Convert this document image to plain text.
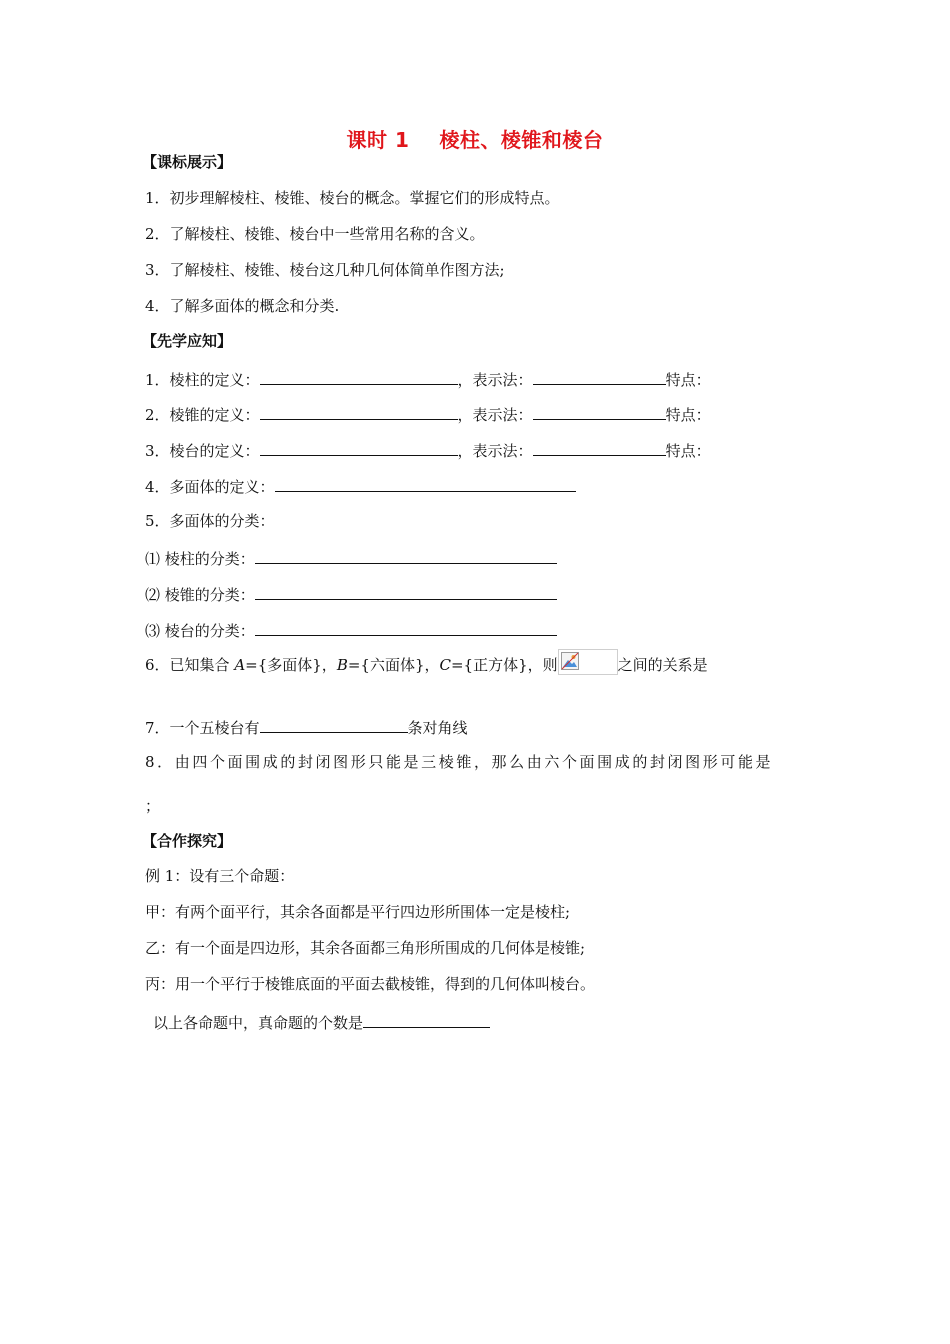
课时 1 棱柱、棱锥和棱台
【课标展示】
1．初步理解棱柱、棱锥、棱台的概念。掌握它们的形成特点。
2．了解棱柱、棱锥、棱台中一些常用名称的含义。
3．了解棱柱、棱锥、棱台这几种几何体简单作图方法;
4．了解多面体的概念和分类.
【先学应知】
1．棱柱的定义：	，表示法：	特点：
2．棱锥的定义：	，表示法：	特点：
3．棱台的定义：	，表示法：	特点：
4．多面体的定义：
5．多面体的分类：
⑴ 棱柱的分类：
⑵ 棱锥的分类：
⑶ 棱台的分类：
6．已知集合 A={多面体}，B={六面体}，C={正方体}，则	之间的关系是
7．一个五棱台有	条对角线
8．由四个面围成的封闭图形只能是三棱锥，那么由六个面围成的封闭图形可能是
；
【合作探究】
例 1：设有三个命题：
甲：有两个面平行，其余各面都是平行四边形所围体一定是棱柱;
乙：有一个面是四边形，其余各面都三角形所围成的几何体是棱锥;
丙：用一个平行于棱锥底面的平面去截棱锥，得到的几何体叫棱台。
以上各命题中，真命题的个数是
